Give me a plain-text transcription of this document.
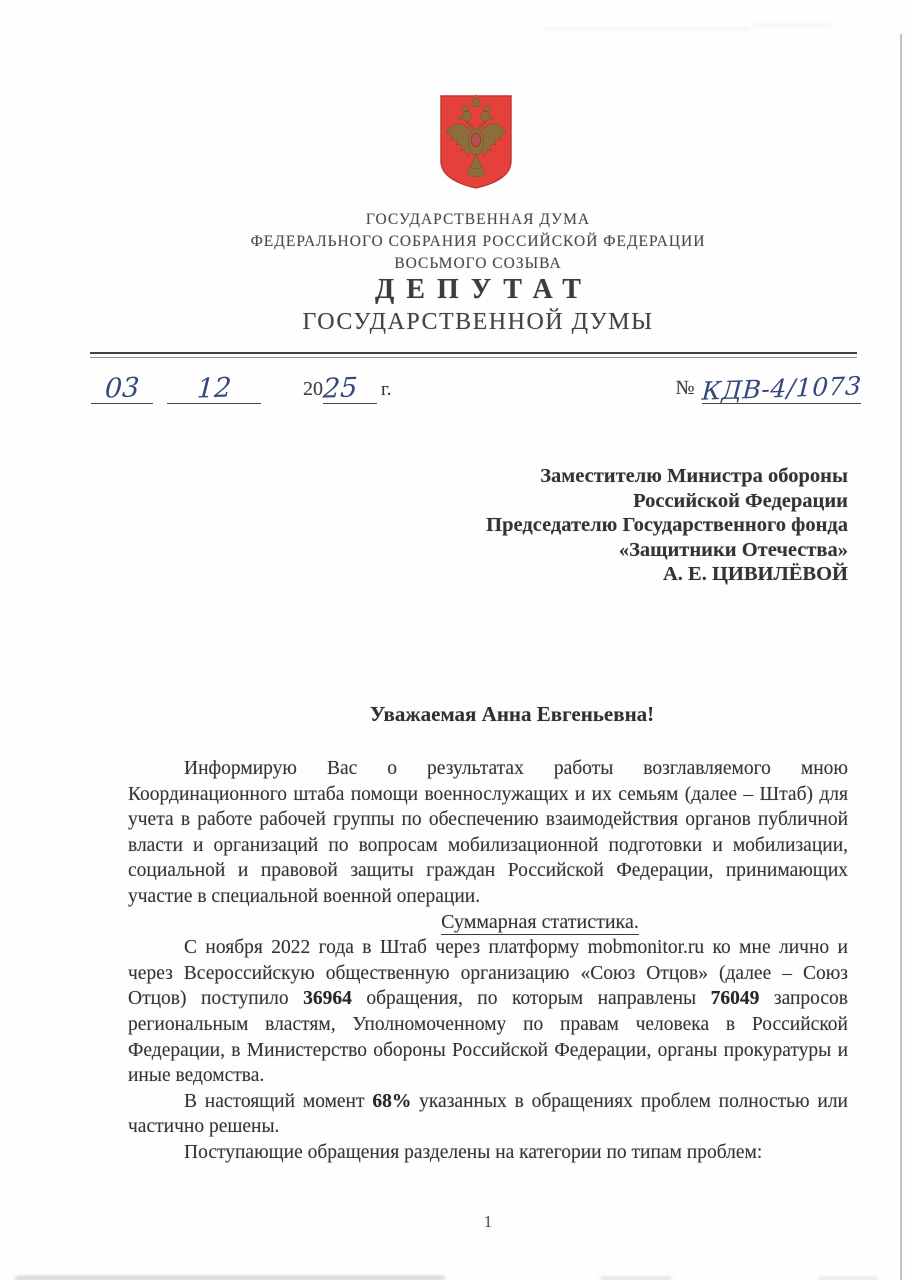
ГОСУДАРСТВЕННАЯ ДУМА
ФЕДЕРАЛЬНОГО СОБРАНИЯ РОССИЙСКОЙ ФЕДЕРАЦИИ
ВОСЬМОГО СОЗЫВА
ДЕПУТАТ
ГОСУДАРСТВЕННОЙ ДУМЫ
03	12	20 25	г.	№ КДВ-4/1073
Заместителю Министра обороны
Российской Федерации
Председателю Государственного фонда
«Защитники Отечества»
А. Е. ЦИВИЛЁВОЙ
Уважаемая Анна Евгеньевна!

Информирую Вас о результатах работы возглавляемого мною Координационного штаба помощи военнослужащих и их семьям (далее – Штаб) для учета в работе рабочей группы по обеспечению взаимодействия органов публичной власти и организаций по вопросам мобилизационной подготовки и мобилизации, социальной и правовой защиты граждан Российской Федерации, принимающих участие в специальной военной операции.

Суммарная статистика.

С ноября 2022 года в Штаб через платформу mobmonitor.ru ко мне лично и через Всероссийскую общественную организацию «Союз Отцов» (далее – Союз Отцов) поступило 36964 обращения, по которым направлены 76049 запросов региональным властям, Уполномоченному по правам человека в Российской Федерации, в Министерство обороны Российской Федерации, органы прокуратуры и иные ведомства.

В настоящий момент 68% указанных в обращениях проблем полностью или частично решены.

Поступающие обращения разделены на категории по типам проблем:

1
